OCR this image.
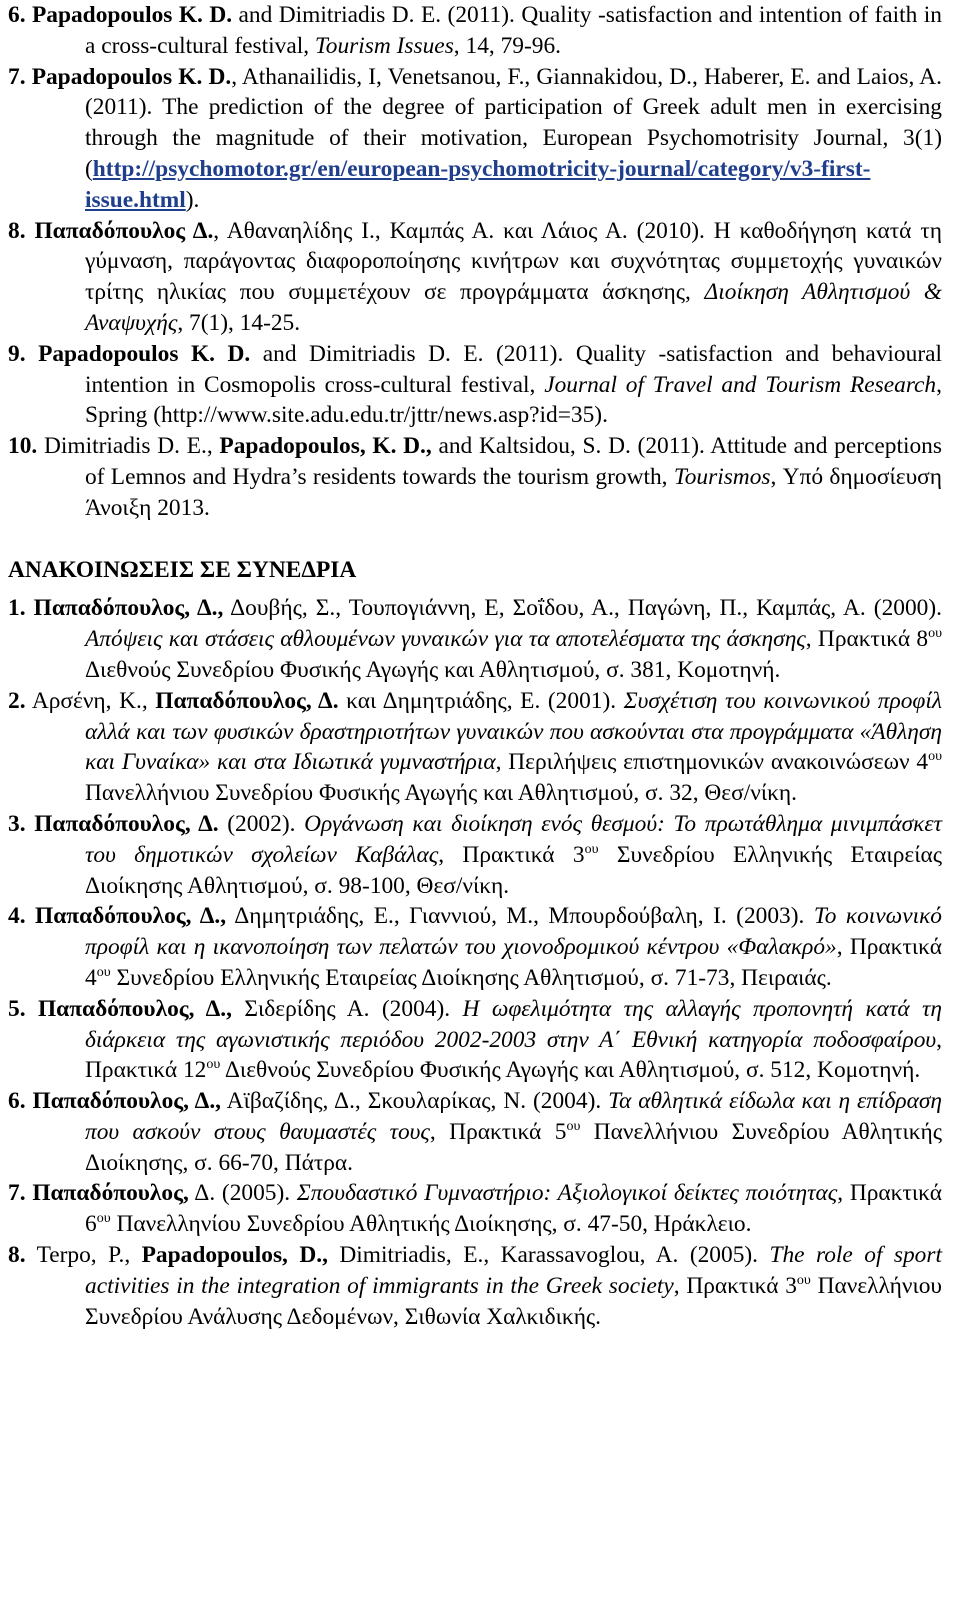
6. Papadopoulos K. D. and Dimitriadis D. E. (2011). Quality -satisfaction and intention of faith in a cross-cultural festival, Tourism Issues, 14, 79-96.

7. Papadopoulos K. D., Athanailidis, I, Venetsanou, F., Giannakidou, D., Haberer, E. and Laios, A. (2011). The prediction of the degree of participation of Greek adult men in exercising through the magnitude of their motivation, European Psychomotrisity Journal, 3(1) (http://psychomotor.gr/en/european-psychomotricity-journal/category/v3-first-issue.html).

8. Παπαδόπουλος Δ., Αθαναηλίδης Ι., Καμπάς Α. και Λάιος Α. (2010). Η καθοδήγηση κατά τη γύμναση, παράγοντας διαφοροποίησης κινήτρων και συχνότητας συμμετοχής γυναικών τρίτης ηλικίας που συμμετέχουν σε προγράμματα άσκησης, Διοίκηση Αθλητισμού & Αναψυχής, 7(1), 14-25.

9. Papadopoulos K. D. and Dimitriadis D. E. (2011). Quality -satisfaction and behavioural intention in Cosmopolis cross-cultural festival, Journal of Travel and Tourism Research, Spring (http://www.site.adu.edu.tr/jttr/news.asp?id=35).

10. Dimitriadis D. E., Papadopoulos, K. D., and Kaltsidou, S. D. (2011). Attitude and perceptions of Lemnos and Hydra’s residents towards the tourism growth, Tourismos, Υπό δημοσίευση Άνοιξη 2013.

ΑΝΑΚΟΙΝΩΣΕΙΣ ΣΕ ΣΥΝΕΔΡΙΑ

1. Παπαδόπουλος, Δ., Δουβής, Σ., Τουπογιάννη, Ε, Σοΐδου, Α., Παγώνη, Π., Καμπάς, Α. (2000). Απόψεις και στάσεις αθλουμένων γυναικών για τα αποτελέσματα της άσκησης, Πρακτικά $8^{o\upsilon}$ Διεθνούς Συνεδρίου Φυσικής Αγωγής και Αθλητισμού, σ. 381, Κομοτηνή.

2. Αρσένη, Κ., Παπαδόπουλος, Δ. και Δημητριάδης, Ε. (2001). Συσχέτιση του κοινωνικού προφίλ αλλά και των φυσικών δραστηριοτήτων γυναικών που ασκούνται στα προγράμματα «Άθληση και Γυναίκα» και στα Ιδιωτικά γυμναστήρια, Περιλήψεις επιστημονικών ανακοινώσεων $4^{o\upsilon}$ Πανελλήνιου Συνεδρίου Φυσικής Αγωγής και Αθλητισμού, σ. 32, Θεσ/νίκη.

3. Παπαδόπουλος, Δ. (2002). Οργάνωση και διοίκηση ενός θεσμού: Το πρωτάθλημα μινιμπάσκετ του δημοτικών σχολείων Καβάλας, Πρακτικά $3^{o\upsilon}$ Συνεδρίου Ελληνικής Εταιρείας Διοίκησης Αθλητισμού, σ. 98-100, Θεσ/νίκη.

4. Παπαδόπουλος, Δ., Δημητριάδης, Ε., Γιαννιού, Μ., Μπουρδούβαλη, Ι. (2003). Το κοινωνικό προφίλ και η ικανοποίηση των πελατών του χιονοδρομικού κέντρου «Φαλακρό», Πρακτικά $4^{o\upsilon}$ Συνεδρίου Ελληνικής Εταιρείας Διοίκησης Αθλητισμού, σ. 71-73, Πειραιάς.

5. Παπαδόπουλος, Δ., Σιδερίδης Α. (2004). Η ωφελιμότητα της αλλαγής προπονητή κατά τη διάρκεια της αγωνιστικής περιόδου 2002-2003 στην Α΄ Εθνική κατηγορία ποδοσφαίρου, Πρακτικά $12^{o\upsilon}$ Διεθνούς Συνεδρίου Φυσικής Αγωγής και Αθλητισμού, σ. 512, Κομοτηνή.

6. Παπαδόπουλος, Δ., Αϊβαζίδης, Δ., Σκουλαρίκας, Ν. (2004). Τα αθλητικά είδωλα και η επίδραση που ασκούν στους θαυμαστές τους, Πρακτικά $5^{o\upsilon}$ Πανελλήνιου Συνεδρίου Αθλητικής Διοίκησης, σ. 66-70, Πάτρα.

7. Παπαδόπουλος, Δ. (2005). Σπουδαστικό Γυμναστήριο: Αξιολογικοί δείκτες ποιότητας, Πρακτικά $6^{o\upsilon}$ Πανελληνίου Συνεδρίου Αθλητικής Διοίκησης, σ. 47-50, Ηράκλειο.

8. Terpo, P., Papadopoulos, D., Dimitriadis, E., Karassavoglou, A. (2005). The role of sport activities in the integration of immigrants in the Greek society, Πρακτικά $3^{o\upsilon}$ Πανελλήνιου Συνεδρίου Ανάλυσης Δεδομένων, Σιθωνία Χαλκιδικής.
